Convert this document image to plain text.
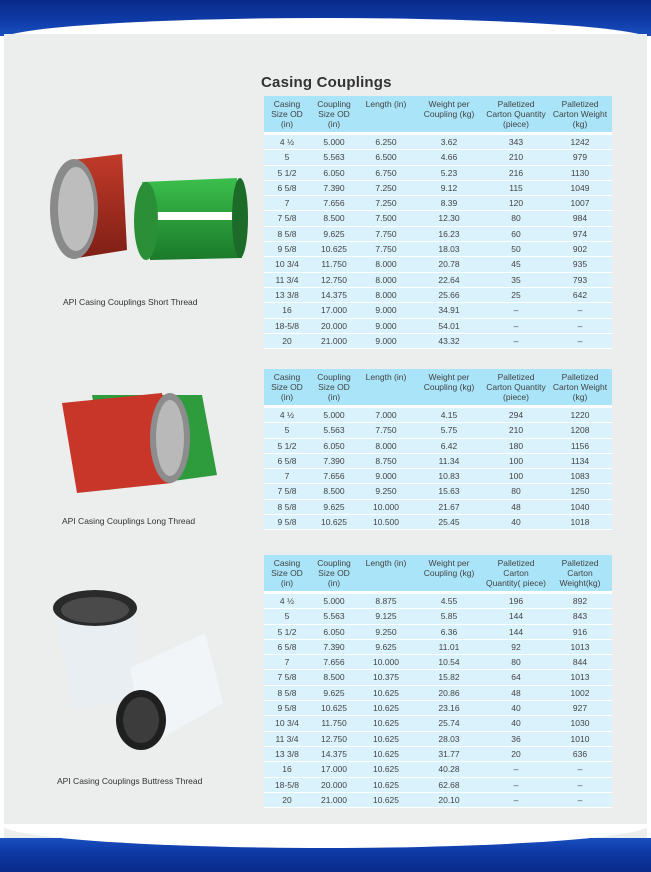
Casing Couplings
API Casing Couplings Short Thread
API Casing Couplings Long Thread
API Casing Couplings Buttress Thread
Casing Size OD (in)	Coupling Size OD (in)	Length (in)	Weight per Coupling (kg)	Palletized Carton Quantity (piece)	Palletized Carton Weight (kg)
4 ½	5.000	6.250	3.62	343	1242
5	5.563	6.500	4.66	210	979
5 1/2	6.050	6.750	5.23	216	1130
6 5/8	7.390	7.250	9.12	115	1049
7	7.656	7.250	8.39	120	1007
7 5/8	8.500	7.500	12.30	80	984
8 5/8	9.625	7.750	16.23	60	974
9 5/8	10.625	7.750	18.03	50	902
10 3/4	11.750	8.000	20.78	45	935
11 3/4	12.750	8.000	22.64	35	793
13 3/8	14.375	8.000	25.66	25	642
16	17.000	9.000	34.91	–	–
18-5/8	20.000	9.000	54.01	–	–
20	21.000	9.000	43.32	–	–
Casing Size OD (in)	Coupling Size OD (in)	Length (in)	Weight per Coupling (kg)	Palletized Carton Quantity (piece)	Palletized Carton Weight (kg)
4 ½	5.000	7.000	4.15	294	1220
5	5.563	7.750	5.75	210	1208
5 1/2	6.050	8.000	6.42	180	1156
6 5/8	7.390	8.750	11.34	100	1134
7	7.656	9.000	10.83	100	1083
7 5/8	8.500	9.250	15.63	80	1250
8 5/8	9.625	10.000	21.67	48	1040
9 5/8	10.625	10.500	25.45	40	1018
Casing Size OD (in)	Coupling Size OD (in)	Length (in)	Weight per Coupling (kg)	Palletized Carton Quantity( piece)	Palletized Carton Weight(kg)
4 ½	5.000	8.875	4.55	196	892
5	5.563	9.125	5.85	144	843
5 1/2	6.050	9.250	6.36	144	916
6 5/8	7.390	9.625	11.01	92	1013
7	7.656	10.000	10.54	80	844
7 5/8	8.500	10.375	15.82	64	1013
8 5/8	9.625	10.625	20.86	48	1002
9 5/8	10.625	10.625	23.16	40	927
10 3/4	11.750	10.625	25.74	40	1030
11 3/4	12.750	10.625	28.03	36	1010
13 3/8	14.375	10.625	31.77	20	636
16	17.000	10.625	40.28	–	–
18-5/8	20.000	10.625	62.68	–	–
20	21.000	10.625	20.10	–	–
